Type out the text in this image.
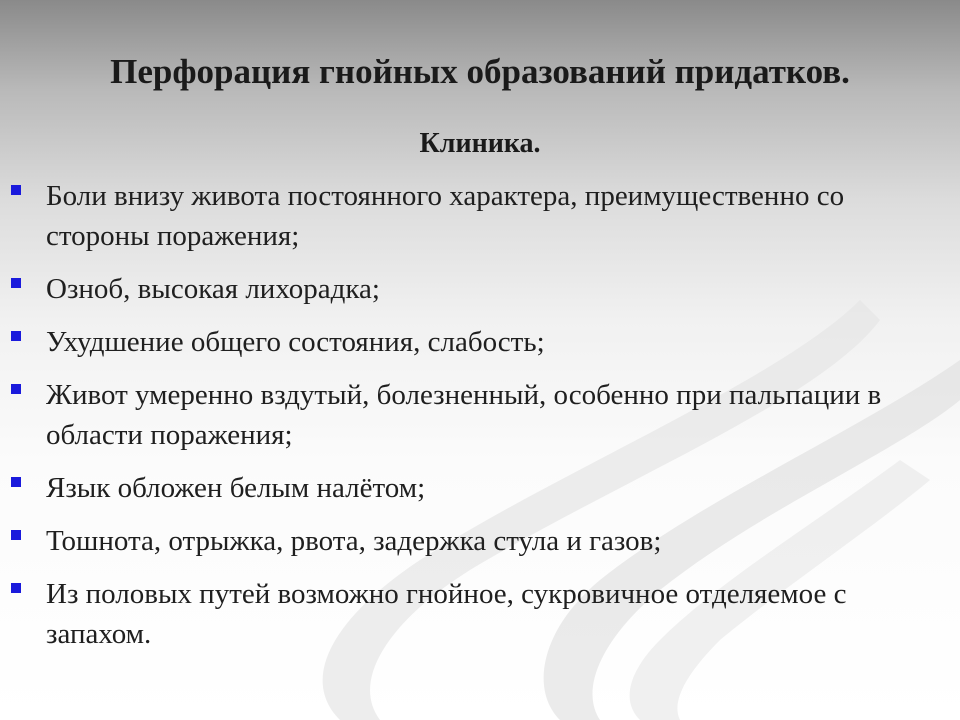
Перфорация гнойных образований придатков.
Клиника.
Боли внизу живота постоянного характера, преимущественно со стороны поражения;
Озноб, высокая лихорадка;
Ухудшение общего состояния, слабость;
Живот умеренно вздутый, болезненный, особенно при пальпации в области поражения;
Язык обложен белым налётом;
Тошнота, отрыжка, рвота, задержка стула и газов;
Из половых путей возможно гнойное, сукровичное отделяемое с запахом.
